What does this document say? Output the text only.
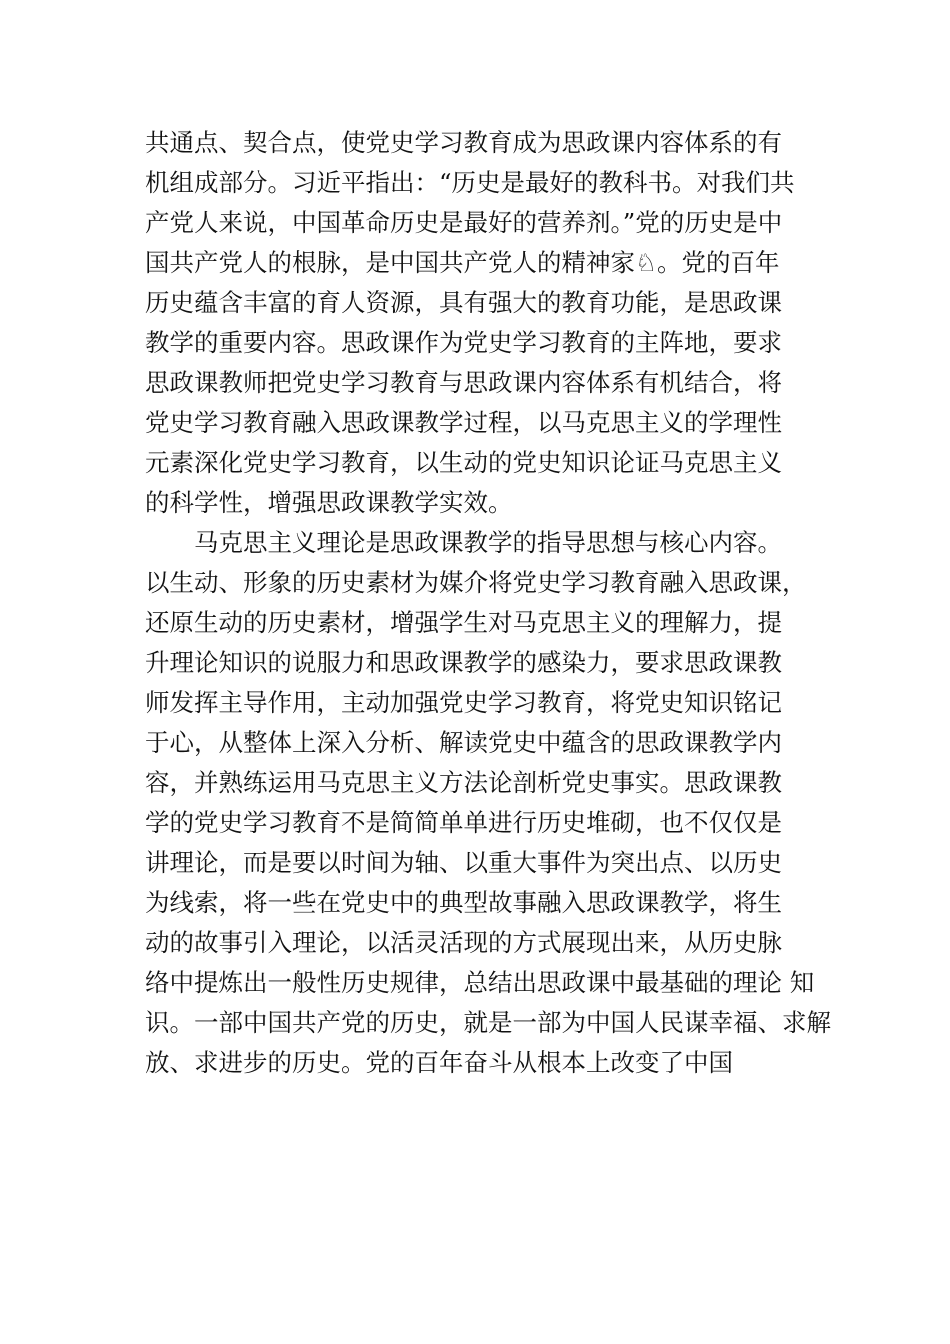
共通点、契合点，使党史学习教育成为思政课内容体系的有
机组成部分。习近平指出：“历史是最好的教科书。对我们共
产党人来说，中国革命历史是最好的营养剂。”党的历史是中
国共产党人的根脉，是中国共产党人的精神家♘。党的百年
历史蕴含丰富的育人资源，具有强大的教育功能，是思政课
教学的重要内容。思政课作为党史学习教育的主阵地，要求
思政课教师把党史学习教育与思政课内容体系有机结合，将
党史学习教育融入思政课教学过程，以马克思主义的学理性
元素深化党史学习教育，以生动的党史知识论证马克思主义
的科学性，增强思政课教学实效。
马克思主义理论是思政课教学的指导思想与核心内容。
以生动、形象的历史素材为媒介将党史学习教育融入思政课，
还原生动的历史素材，增强学生对马克思主义的理解力，提
升理论知识的说服力和思政课教学的感染力，要求思政课教
师发挥主导作用，主动加强党史学习教育，将党史知识铭记
于心，从整体上深入分析、解读党史中蕴含的思政课教学内
容，并熟练运用马克思主义方法论剖析党史事实。思政课教
学的党史学习教育不是简简单单进行历史堆砌，也不仅仅是
讲理论，而是要以时间为轴、以重大事件为突出点、以历史
为线索，将一些在党史中的典型故事融入思政课教学，将生
动的故事引入理论，以活灵活现的方式展现出来，从历史脉
络中提炼出一般性历史规律，总结出思政课中最基础的理论 知
识。一部中国共产党的历史，就是一部为中国人民谋幸福、求解
放、求进步的历史。党的百年奋斗从根本上改变了中国
